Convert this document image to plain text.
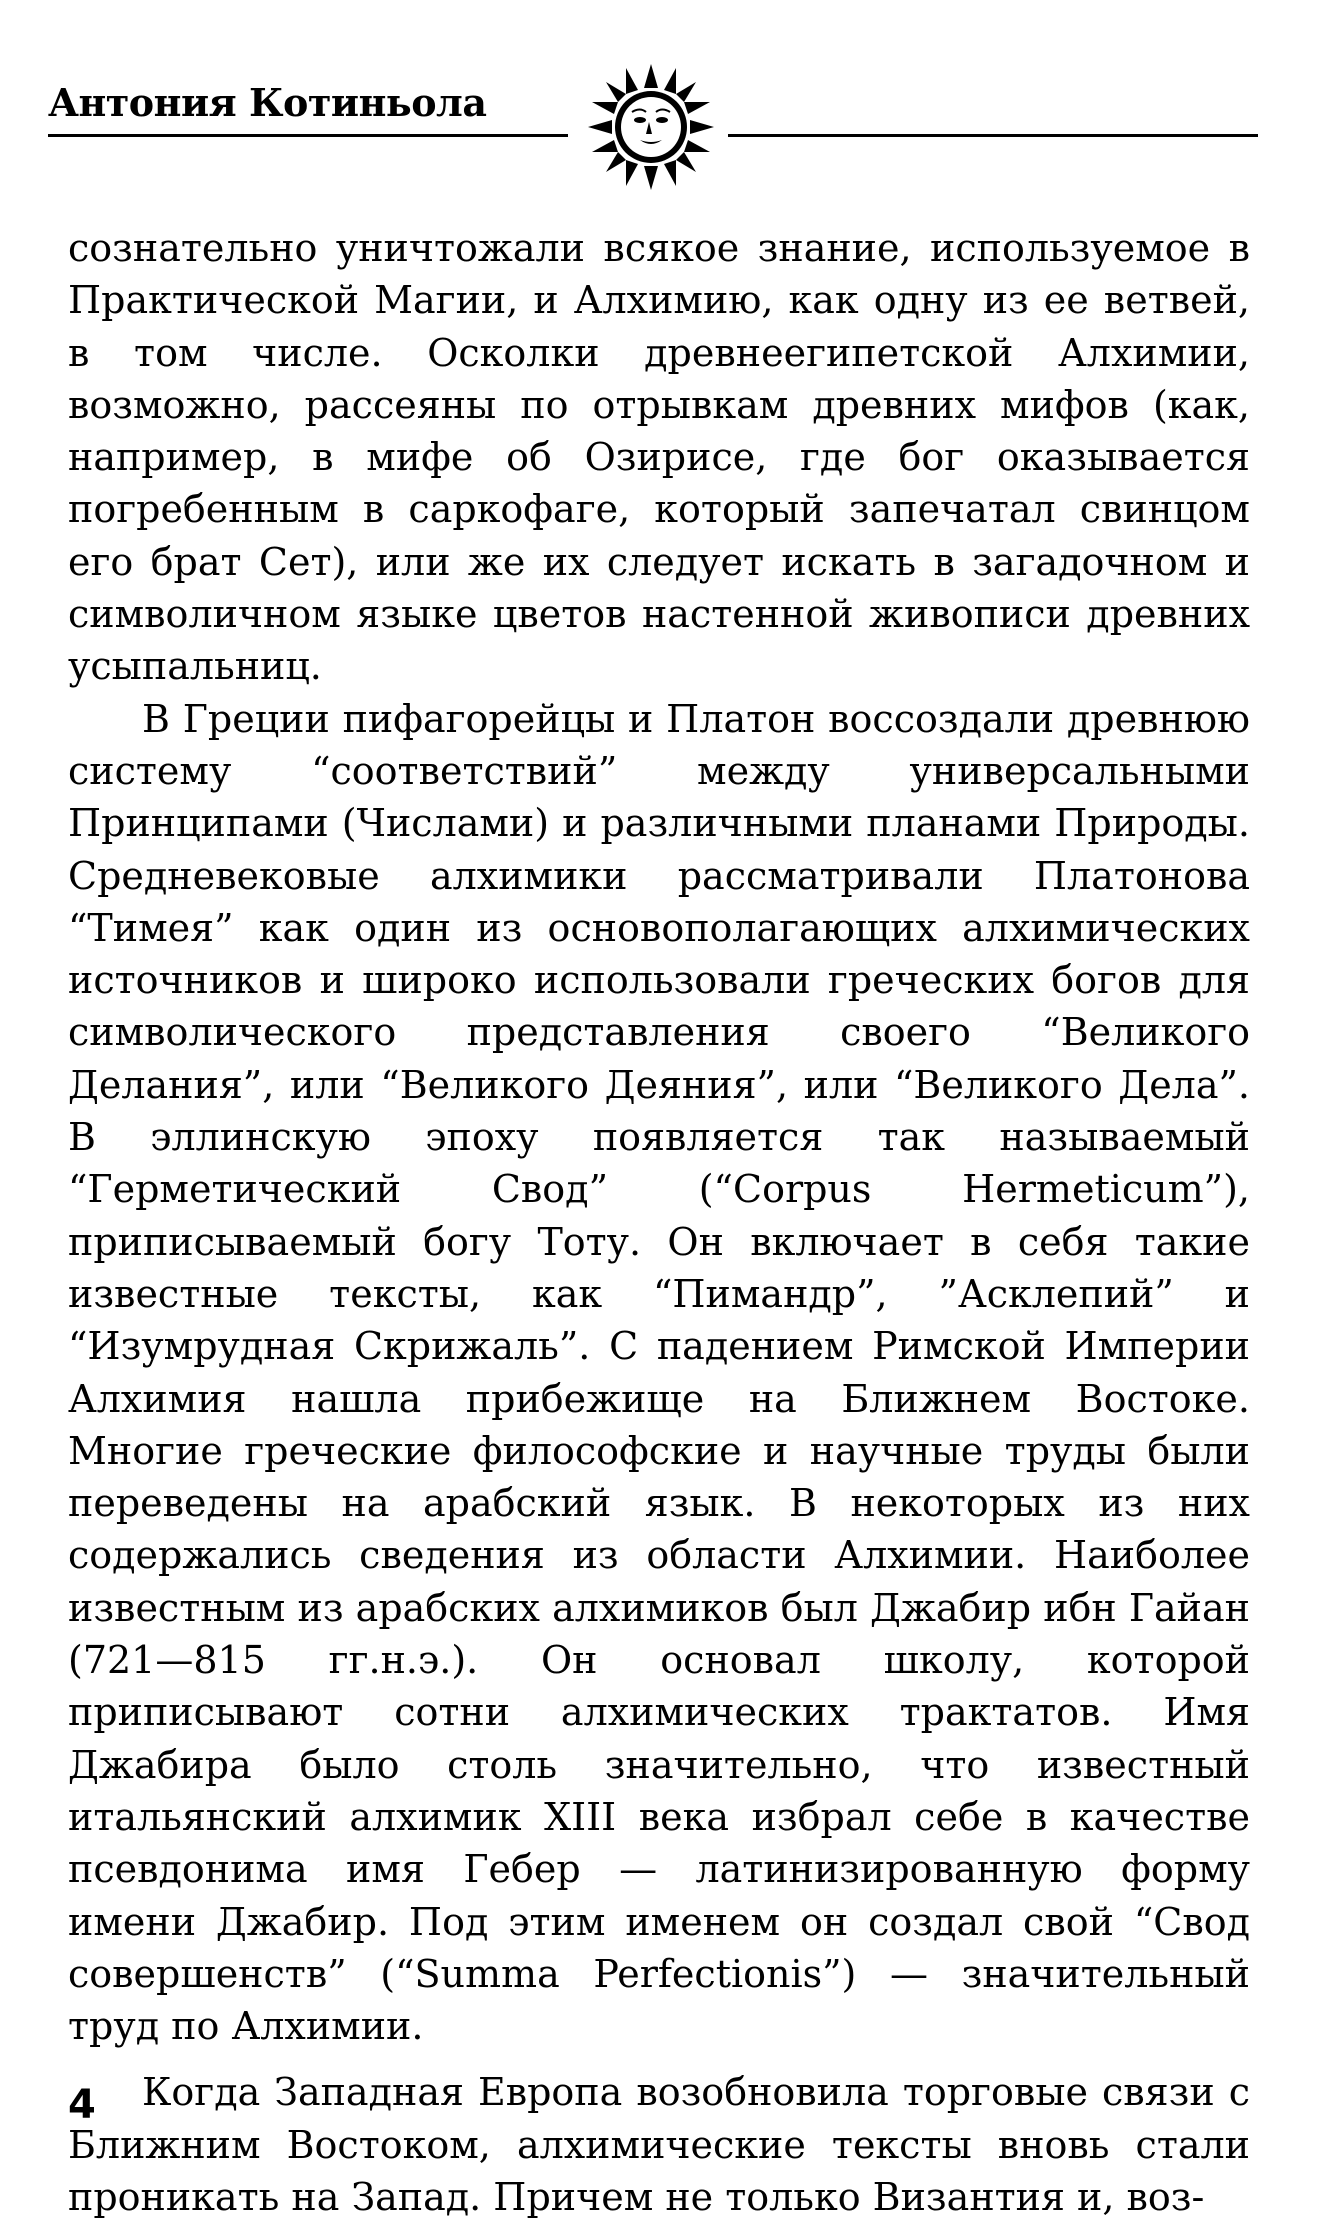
Антония Котиньола

сознательно уничтожали всякое знание, используемое в Практической Магии, и Алхимию, как одну из ее ветвей, в том числе. Осколки древнеегипетской Алхимии, возможно, рассеяны по отрывкам древних мифов (как, например, в мифе об Озирисе, где бог оказывается погребенным в саркофаге, который запечатал свинцом его брат Сет), или же их следует искать в загадочном и символичном языке цветов настенной живописи древних усыпальниц.

В Греции пифагорейцы и Платон воссоздали древнюю систему “соответствий” между универсальными Принципами (Числами) и различными планами Природы. Средневековые алхимики рассматривали Платонова “Тимея” как один из основополагающих алхимических источников и широко использовали греческих богов для символического представления своего “Великого Делания”, или “Великого Деяния”, или “Великого Дела”. В эллинскую эпоху появляется так называемый “Герметический Свод” (“Corpus Hermeticum”), приписываемый богу Тоту. Он включает в себя такие известные тексты, как “Пимандр”, ”Асклепий” и “Изумрудная Скрижаль”. С падением Римской Империи Алхимия нашла прибежище на Ближнем Востоке. Многие греческие философские и научные труды были переведены на арабский язык. В некоторых из них содержались сведения из области Алхимии. Наиболее известным из арабских алхимиков был Джабир ибн Гайан (721—815 гг.н.э.). Он основал школу, которой приписывают сотни алхимических трактатов. Имя Джабира было столь значительно, что известный итальянский алхимик XIII века избрал себе в качестве псевдонима имя Гебер — латинизированную форму имени Джабир. Под этим именем он создал свой “Свод совершенств” (“Summa Perfectionis”) — значительный труд по Алхимии.

Когда Западная Европа возобновила торговые связи с Ближним Востоком, алхимические тексты вновь стали проникать на Запад. Причем не только Византия и, воз-

4
